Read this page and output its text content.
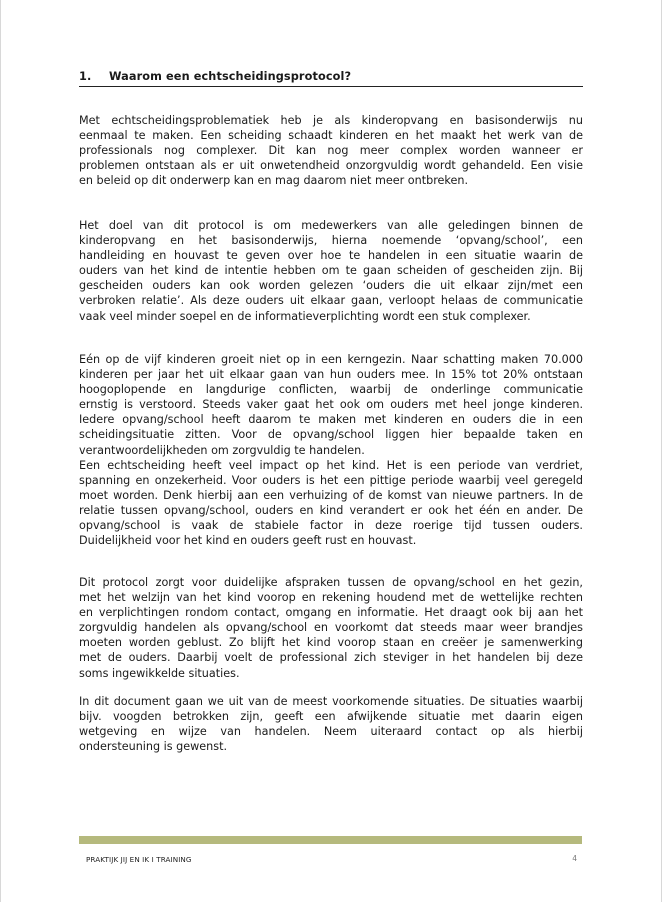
1. Waarom een echtscheidingsprotocol?
Met echtscheidingsproblematiek heb je als kinderopvang en basisonderwijs nu
eenmaal te maken. Een scheiding schaadt kinderen en het maakt het werk van de
professionals nog complexer. Dit kan nog meer complex worden wanneer er
problemen ontstaan als er uit onwetendheid onzorgvuldig wordt gehandeld. Een visie
en beleid op dit onderwerp kan en mag daarom niet meer ontbreken.
Het doel van dit protocol is om medewerkers van alle geledingen binnen de
kinderopvang en het basisonderwijs, hierna noemende ‘opvang/school’, een
handleiding en houvast te geven over hoe te handelen in een situatie waarin de
ouders van het kind de intentie hebben om te gaan scheiden of gescheiden zijn. Bij
gescheiden ouders kan ook worden gelezen ‘ouders die uit elkaar zijn/met een
verbroken relatie’. Als deze ouders uit elkaar gaan, verloopt helaas de communicatie
vaak veel minder soepel en de informatieverplichting wordt een stuk complexer.
Eén op de vijf kinderen groeit niet op in een kerngezin. Naar schatting maken 70.000
kinderen per jaar het uit elkaar gaan van hun ouders mee. In 15% tot 20% ontstaan
hoogoplopende en langdurige conflicten, waarbij de onderlinge communicatie
ernstig is verstoord. Steeds vaker gaat het ook om ouders met heel jonge kinderen.
Iedere opvang/school heeft daarom te maken met kinderen en ouders die in een
scheidingsituatie zitten. Voor de opvang/school liggen hier bepaalde taken en
verantwoordelijkheden om zorgvuldig te handelen.
Een echtscheiding heeft veel impact op het kind. Het is een periode van verdriet,
spanning en onzekerheid. Voor ouders is het een pittige periode waarbij veel geregeld
moet worden. Denk hierbij aan een verhuizing of de komst van nieuwe partners. In de
relatie tussen opvang/school, ouders en kind verandert er ook het één en ander. De
opvang/school is vaak de stabiele factor in deze roerige tijd tussen ouders.
Duidelijkheid voor het kind en ouders geeft rust en houvast.
Dit protocol zorgt voor duidelijke afspraken tussen de opvang/school en het gezin,
met het welzijn van het kind voorop en rekening houdend met de wettelijke rechten
en verplichtingen rondom contact, omgang en informatie. Het draagt ook bij aan het
zorgvuldig handelen als opvang/school en voorkomt dat steeds maar weer brandjes
moeten worden geblust. Zo blijft het kind voorop staan en creëer je samenwerking
met de ouders. Daarbij voelt de professional zich steviger in het handelen bij deze
soms ingewikkelde situaties.
In dit document gaan we uit van de meest voorkomende situaties. De situaties waarbij
bijv. voogden betrokken zijn, geeft een afwijkende situatie met daarin eigen
wetgeving en wijze van handelen. Neem uiteraard contact op als hierbij
ondersteuning is gewenst.
PRAKTIJK JIJ EN IK I TRAINING	4
